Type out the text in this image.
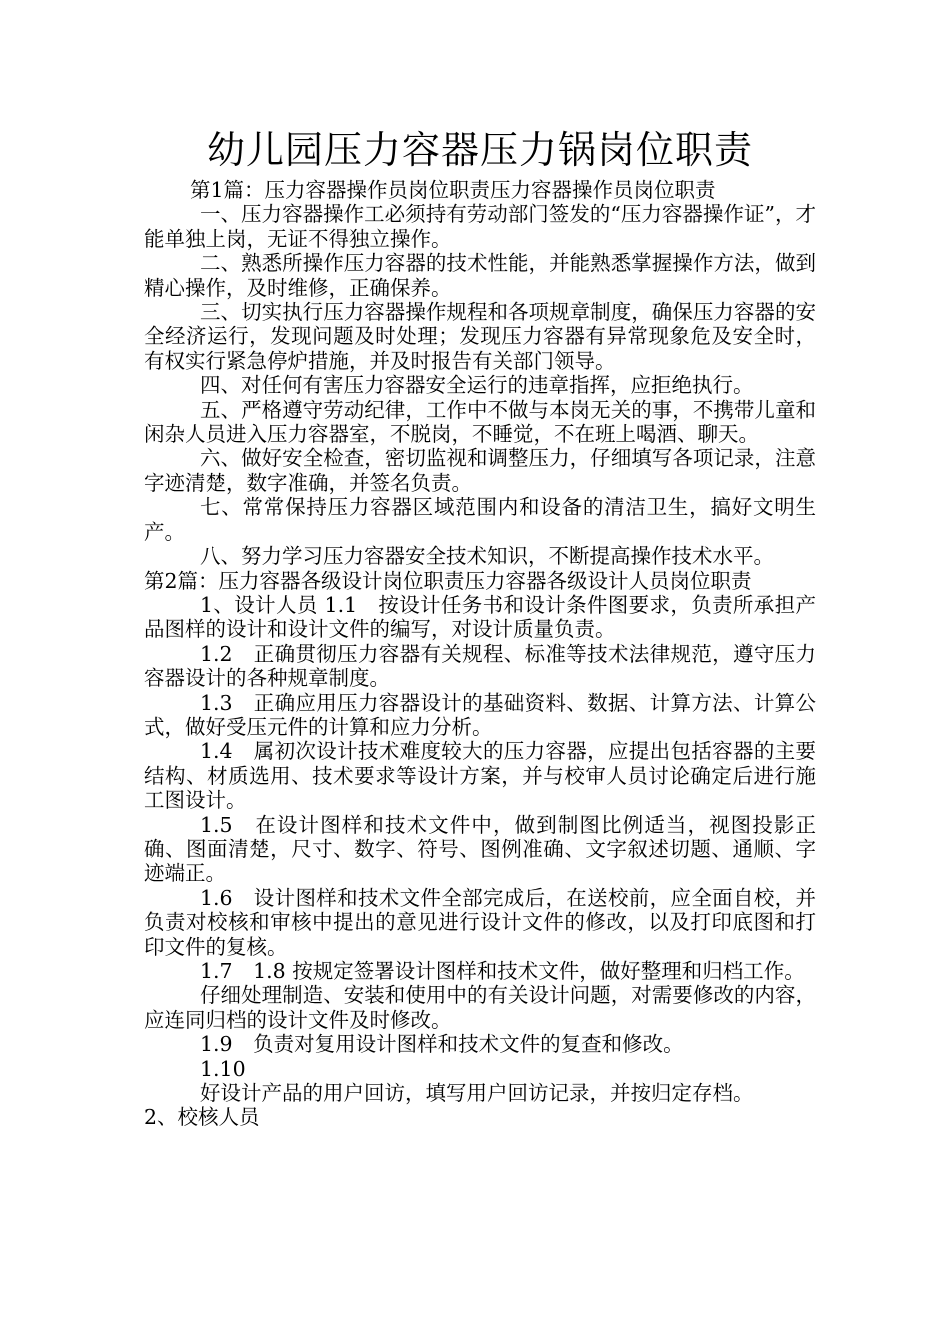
幼儿园压力容器压力锅岗位职责

第1篇：压力容器操作员岗位职责压力容器操作员岗位职责

一、压力容器操作工必须持有劳动部门签发的“压力容器操作证”，才能单独上岗，无证不得独立操作。

二、熟悉所操作压力容器的技术性能，并能熟悉掌握操作方法，做到精心操作，及时维修，正确保养。

三、切实执行压力容器操作规程和各项规章制度，确保压力容器的安全经济运行，发现问题及时处理；发现压力容器有异常现象危及安全时，有权实行紧急停炉措施，并及时报告有关部门领导。

四、对任何有害压力容器安全运行的违章指挥，应拒绝执行。

五、严格遵守劳动纪律，工作中不做与本岗无关的事，不携带儿童和闲杂人员进入压力容器室，不脱岗，不睡觉，不在班上喝酒、聊天。

六、做好安全检查，密切监视和调整压力，仔细填写各项记录，注意字迹清楚，数字准确，并签名负责。

七、常常保持压力容器区域范围内和设备的清洁卫生，搞好文明生产。

八、努力学习压力容器安全技术知识，不断提高操作技术水平。

第2篇：压力容器各级设计岗位职责压力容器各级设计人员岗位职责

1、设计人员 1.1　按设计任务书和设计条件图要求，负责所承担产品图样的设计和设计文件的编写，对设计质量负责。

1.2　正确贯彻压力容器有关规程、标准等技术法律规范，遵守压力容器设计的各种规章制度。

1.3　正确应用压力容器设计的基础资料、数据、计算方法、计算公式，做好受压元件的计算和应力分析。

1.4　属初次设计技术难度较大的压力容器，应提出包括容器的主要结构、材质选用、技术要求等设计方案，并与校审人员讨论确定后进行施工图设计。

1.5　在设计图样和技术文件中，做到制图比例适当，视图投影正确、图面清楚，尺寸、数字、符号、图例准确、文字叙述切题、通顺、字迹端正。

1.6　设计图样和技术文件全部完成后，在送校前，应全面自校，并负责对校核和审核中提出的意见进行设计文件的修改，以及打印底图和打印文件的复核。

1.7　1.8 按规定签署设计图样和技术文件，做好整理和归档工作。

仔细处理制造、安装和使用中的有关设计问题，对需要修改的内容，应连同归档的设计文件及时修改。

1.9　负责对复用设计图样和技术文件的复查和修改。

1.10

好设计产品的用户回访，填写用户回访记录，并按归定存档。

2、校核人员
